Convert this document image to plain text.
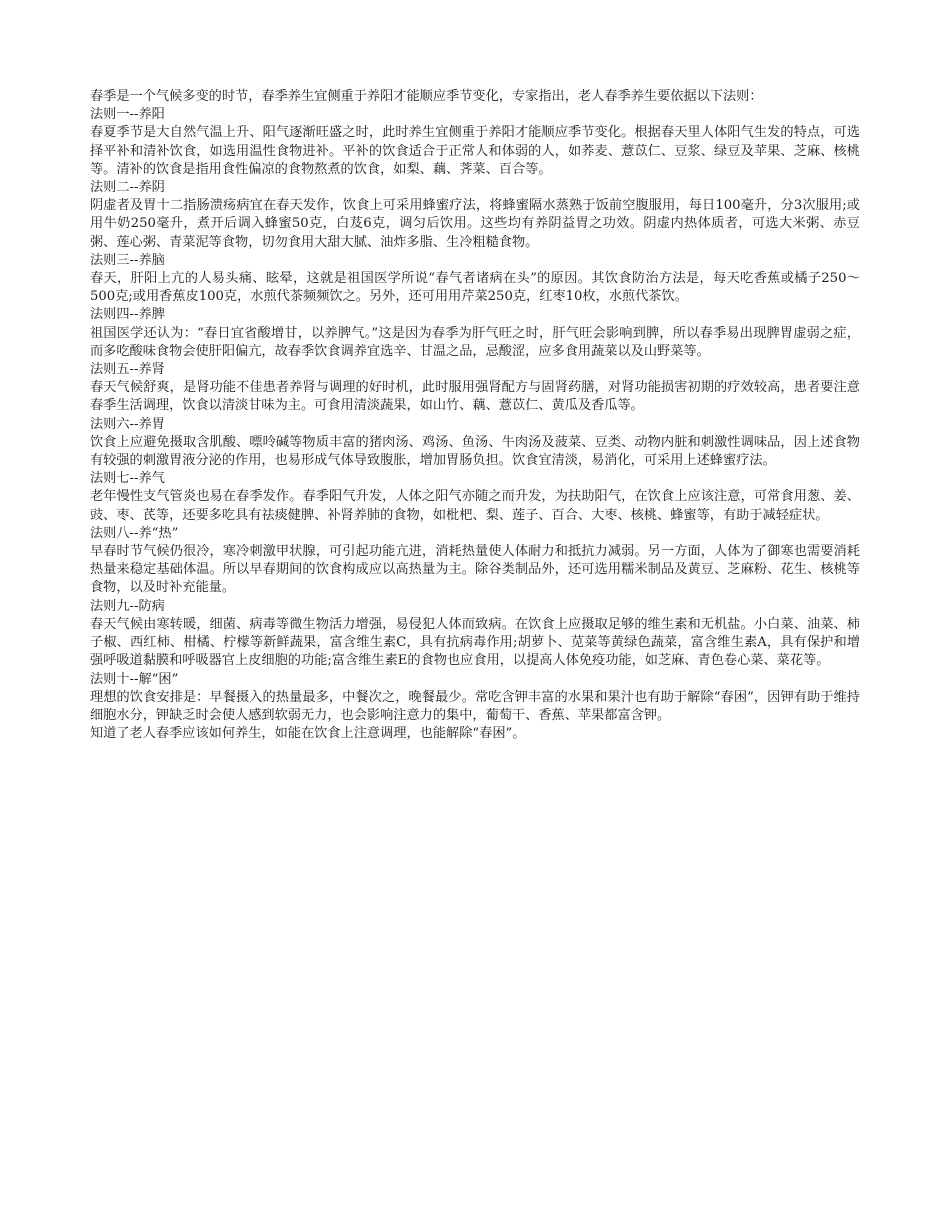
春季是一个气候多变的时节，春季养生宜侧重于养阳才能顺应季节变化，专家指出，老人春季养生要依据以下法则：

法则一--养阳

春夏季节是大自然气温上升、阳气逐渐旺盛之时，此时养生宜侧重于养阳才能顺应季节变化。根据春天里人体阳气生发的特点，可选择平补和清补饮食，如选用温性食物进补。平补的饮食适合于正常人和体弱的人，如荞麦、薏苡仁、豆浆、绿豆及苹果、芝麻、核桃等。清补的饮食是指用食性偏凉的食物熬煮的饮食，如梨、藕、荠菜、百合等。

法则二--养阴

阴虚者及胃十二指肠溃疡病宜在春天发作，饮食上可采用蜂蜜疗法，将蜂蜜隔水蒸熟于饭前空腹服用，每日100毫升，分3次服用;或用牛奶250毫升，煮开后调入蜂蜜50克，白芨6克，调匀后饮用。这些均有养阴益胃之功效。阴虚内热体质者，可选大米粥、赤豆粥、莲心粥、青菜泥等食物，切勿食用大甜大腻、油炸多脂、生冷粗糙食物。

法则三--养脑

春天，肝阳上亢的人易头痛、眩晕，这就是祖国医学所说“春气者诸病在头”的原因。其饮食防治方法是，每天吃香蕉或橘子250～500克;或用香蕉皮100克，水煎代茶频频饮之。另外，还可用用芹菜250克，红枣10枚，水煎代茶饮。

法则四--养脾

祖国医学还认为：“春日宜省酸增甘，以养脾气。”这是因为春季为肝气旺之时，肝气旺会影响到脾，所以春季易出现脾胃虚弱之症，而多吃酸味食物会使肝阳偏亢，故春季饮食调养宜选辛、甘温之品，忌酸涩，应多食用蔬菜以及山野菜等。

法则五--养肾

春天气候舒爽，是肾功能不佳患者养肾与调理的好时机，此时服用强肾配方与固肾药膳，对肾功能损害初期的疗效较高，患者要注意春季生活调理，饮食以清淡甘味为主。可食用清淡蔬果，如山竹、藕、薏苡仁、黄瓜及香瓜等。

法则六--养胃

饮食上应避免摄取含肌酸、嘌呤碱等物质丰富的猪肉汤、鸡汤、鱼汤、牛肉汤及菠菜、豆类、动物内脏和刺激性调味品，因上述食物有较强的刺激胃液分泌的作用，也易形成气体导致腹胀，增加胃肠负担。饮食宜清淡，易消化，可采用上述蜂蜜疗法。

法则七--养气

老年慢性支气管炎也易在春季发作。春季阳气升发，人体之阳气亦随之而升发，为扶助阳气，在饮食上应该注意，可常食用葱、姜、豉、枣、芪等，还要多吃具有祛痰健脾、补肾养肺的食物，如枇杷、梨、莲子、百合、大枣、核桃、蜂蜜等，有助于减轻症状。

法则八--养“热”

早春时节气候仍很冷，寒冷刺激甲状腺，可引起功能亢进，消耗热量使人体耐力和抵抗力减弱。另一方面，人体为了御寒也需要消耗热量来稳定基础体温。所以早春期间的饮食构成应以高热量为主。除谷类制品外，还可选用糯米制品及黄豆、芝麻粉、花生、核桃等食物，以及时补充能量。

法则九--防病

春天气候由寒转暖，细菌、病毒等微生物活力增强，易侵犯人体而致病。在饮食上应摄取足够的维生素和无机盐。小白菜、油菜、柿子椒、西红柿、柑橘、柠檬等新鲜蔬果，富含维生素C，具有抗病毒作用;胡萝卜、苋菜等黄绿色蔬菜，富含维生素A，具有保护和增强呼吸道黏膜和呼吸器官上皮细胞的功能;富含维生素E的食物也应食用，以提高人体免疫功能，如芝麻、青色卷心菜、菜花等。

法则十--解“困”

理想的饮食安排是：早餐摄入的热量最多，中餐次之，晚餐最少。常吃含钾丰富的水果和果汁也有助于解除“春困”，因钾有助于维持细胞水分，钾缺乏时会使人感到软弱无力，也会影响注意力的集中，葡萄干、香蕉、苹果都富含钾。

知道了老人春季应该如何养生，如能在饮食上注意调理，也能解除“春困”。
